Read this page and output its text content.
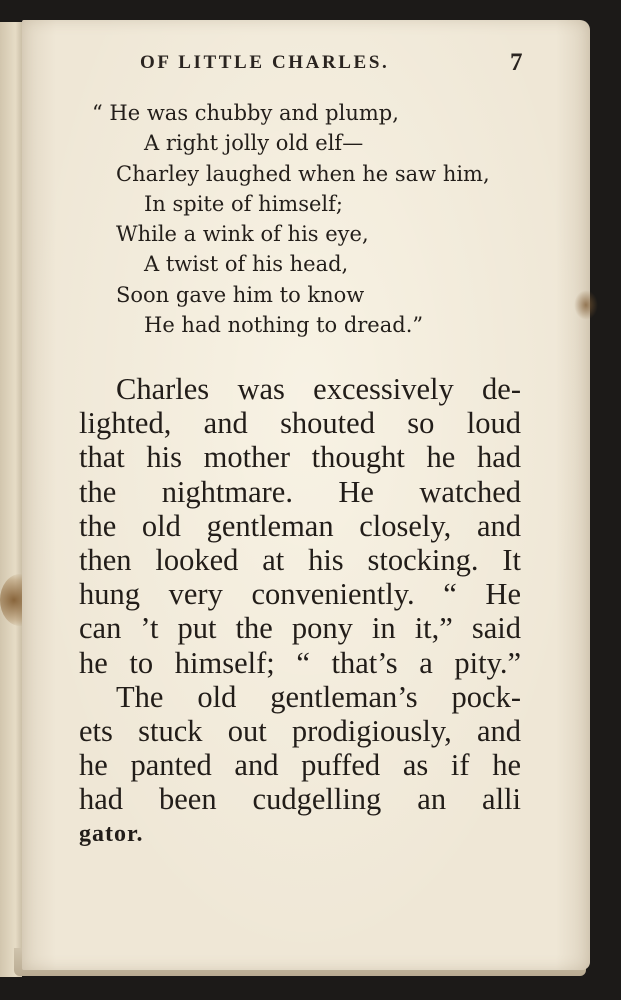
OF LITTLE CHARLES.	7
“ He was chubby and plump,
A right jolly old elf—
Charley laughed when he saw him,
In spite of himself;
While a wink of his eye,
A twist of his head,
Soon gave him to know
He had nothing to dread.”
Charles was excessively de-
lighted, and shouted so loud
that his mother thought he had
the nightmare. He watched
the old gentleman closely, and
then looked at his stocking. It
hung very conveniently. “ He
can ’t put the pony in it,” said
he to himself; “ that’s a pity.”
The old gentleman’s pock-
ets stuck out prodigiously, and
he panted and puffed as if he
had been cudgelling an alli
gator.
